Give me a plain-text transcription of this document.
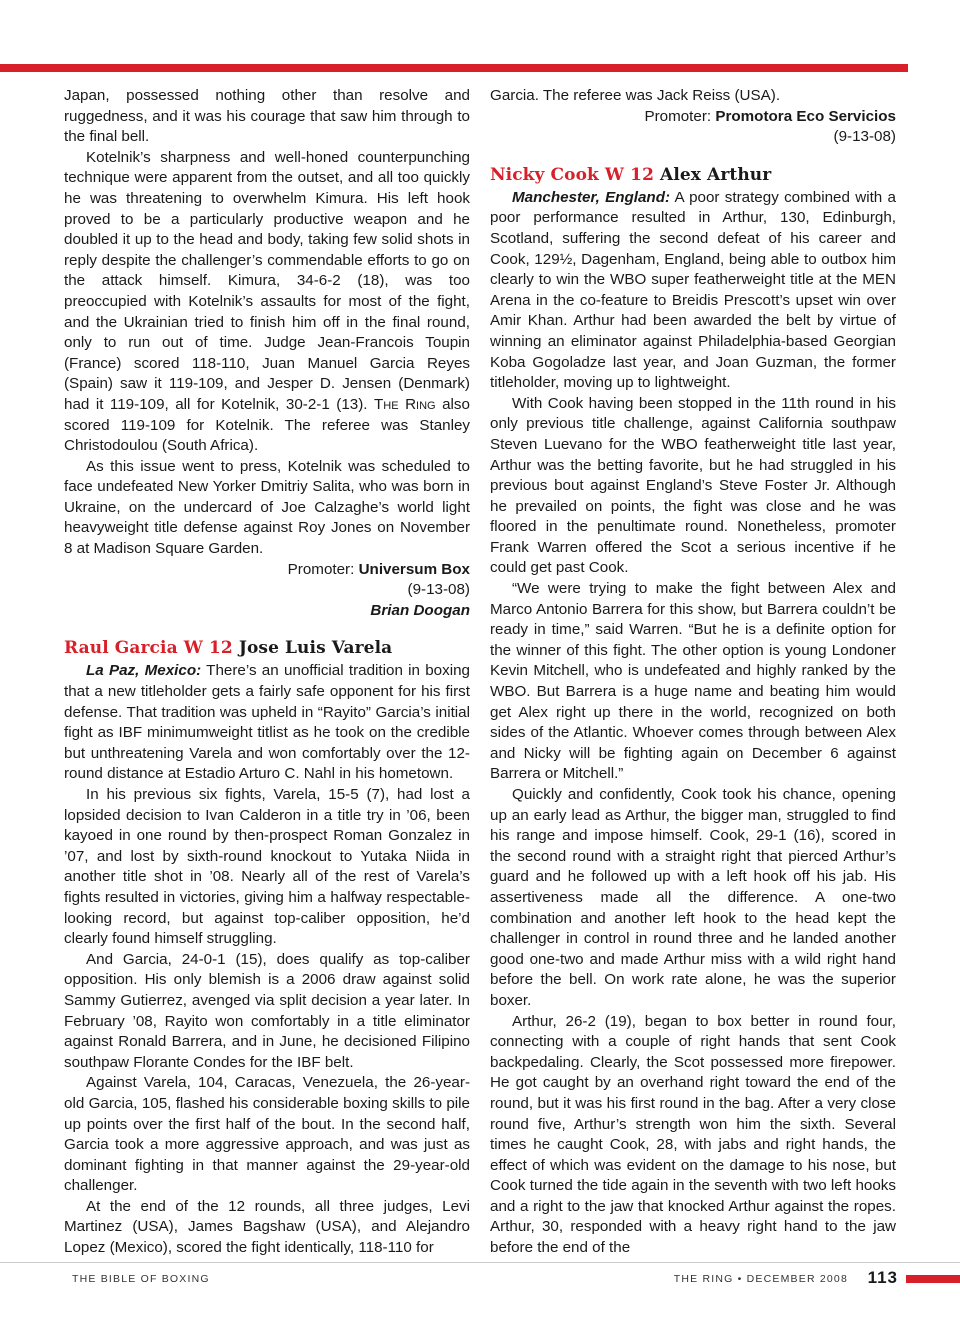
Japan, possessed nothing other than resolve and ruggedness, and it was his courage that saw him through to the final bell.

Kotelnik’s sharpness and well-honed counterpunching technique were apparent from the outset, and all too quickly he was threatening to overwhelm Kimura. His left hook proved to be a particularly productive weapon and he doubled it up to the head and body, taking few solid shots in reply despite the challenger’s commendable efforts to go on the attack himself. Kimura, 34-6-2 (18), was too preoccupied with Kotelnik’s assaults for most of the fight, and the Ukrainian tried to finish him off in the final round, only to run out of time. Judge Jean-Francois Toupin (France) scored 118-110, Juan Manuel Garcia Reyes (Spain) saw it 119-109, and Jesper D. Jensen (Denmark) had it 119-109, all for Kotelnik, 30-2-1 (13). The Ring also scored 119-109 for Kotelnik. The referee was Stanley Christodoulou (South Africa).

As this issue went to press, Kotelnik was scheduled to face undefeated New Yorker Dmitriy Salita, who was born in Ukraine, on the undercard of Joe Calzaghe’s world light heavyweight title defense against Roy Jones on November 8 at Madison Square Garden.

Promoter: Universum Box

(9-13-08)

Brian Doogan

Raul Garcia W 12 Jose Luis Varela

La Paz, Mexico: There’s an unofficial tradition in boxing that a new titleholder gets a fairly safe opponent for his first defense. That tradition was upheld in “Rayito” Garcia’s initial fight as IBF minimumweight titlist as he took on the credible but unthreatening Varela and won comfortably over the 12-round distance at Estadio Arturo C. Nahl in his hometown.

In his previous six fights, Varela, 15-5 (7), had lost a lopsided decision to Ivan Calderon in a title try in ’06, been kayoed in one round by then-prospect Roman Gonzalez in ’07, and lost by sixth-round knockout to Yutaka Niida in another title shot in ’08. Nearly all of the rest of Varela’s fights resulted in victories, giving him a halfway respectable-looking record, but against top-caliber opposition, he’d clearly found himself struggling.

And Garcia, 24-0-1 (15), does qualify as top-caliber opposition. His only blemish is a 2006 draw against solid Sammy Gutierrez, avenged via split decision a year later. In February ’08, Rayito won comfortably in a title eliminator against Ronald Barrera, and in June, he decisioned Filipino southpaw Florante Condes for the IBF belt.

Against Varela, 104, Caracas, Venezuela, the 26-year-old Garcia, 105, flashed his considerable boxing skills to pile up points over the first half of the bout. In the second half, Garcia took a more aggressive approach, and was just as dominant fighting in that manner against the 29-year-old challenger.

At the end of the 12 rounds, all three judges, Levi Martinez (USA), James Bagshaw (USA), and Alejandro Lopez (Mexico), scored the fight identically, 118-110 for

Garcia. The referee was Jack Reiss (USA).

Promoter: Promotora Eco Servicios

(9-13-08)

Nicky Cook W 12 Alex Arthur

Manchester, England: A poor strategy combined with a poor performance resulted in Arthur, 130, Edinburgh, Scotland, suffering the second defeat of his career and Cook, 129½, Dagenham, England, being able to outbox him clearly to win the WBO super featherweight title at the MEN Arena in the co-feature to Breidis Prescott’s upset win over Amir Khan. Arthur had been awarded the belt by virtue of winning an eliminator against Philadelphia-based Georgian Koba Gogoladze last year, and Joan Guzman, the former titleholder, moving up to lightweight.

With Cook having been stopped in the 11th round in his only previous title challenge, against California southpaw Steven Luevano for the WBO featherweight title last year, Arthur was the betting favorite, but he had struggled in his previous bout against England’s Steve Foster Jr. Although he prevailed on points, the fight was close and he was floored in the penultimate round. Nonetheless, promoter Frank Warren offered the Scot a serious incentive if he could get past Cook.

“We were trying to make the fight between Alex and Marco Antonio Barrera for this show, but Barrera couldn’t be ready in time,” said Warren. “But he is a definite option for the winner of this fight. The other option is young Londoner Kevin Mitchell, who is undefeated and highly ranked by the WBO. But Barrera is a huge name and beating him would get Alex right up there in the world, recognized on both sides of the Atlantic. Whoever comes through between Alex and Nicky will be fighting again on December 6 against Barrera or Mitchell.”

Quickly and confidently, Cook took his chance, opening up an early lead as Arthur, the bigger man, struggled to find his range and impose himself. Cook, 29-1 (16), scored in the second round with a straight right that pierced Arthur’s guard and he followed up with a left hook off his jab. His assertiveness made all the difference. A one-two combination and another left hook to the head kept the challenger in control in round three and he landed another good one-two and made Arthur miss with a wild right hand before the bell. On work rate alone, he was the superior boxer.

Arthur, 26-2 (19), began to box better in round four, connecting with a couple of right hands that sent Cook backpedaling. Clearly, the Scot possessed more firepower. He got caught by an overhand right toward the end of the round, but it was his first round in the bag. After a very close round five, Arthur’s strength won him the sixth. Several times he caught Cook, 28, with jabs and right hands, the effect of which was evident on the damage to his nose, but Cook turned the tide again in the seventh with two left hooks and a right to the jaw that knocked Arthur against the ropes. Arthur, 30, responded with a heavy right hand to the jaw before the end of the

THE BIBLE OF BOXING	THE RING • DECEMBER 2008 113
